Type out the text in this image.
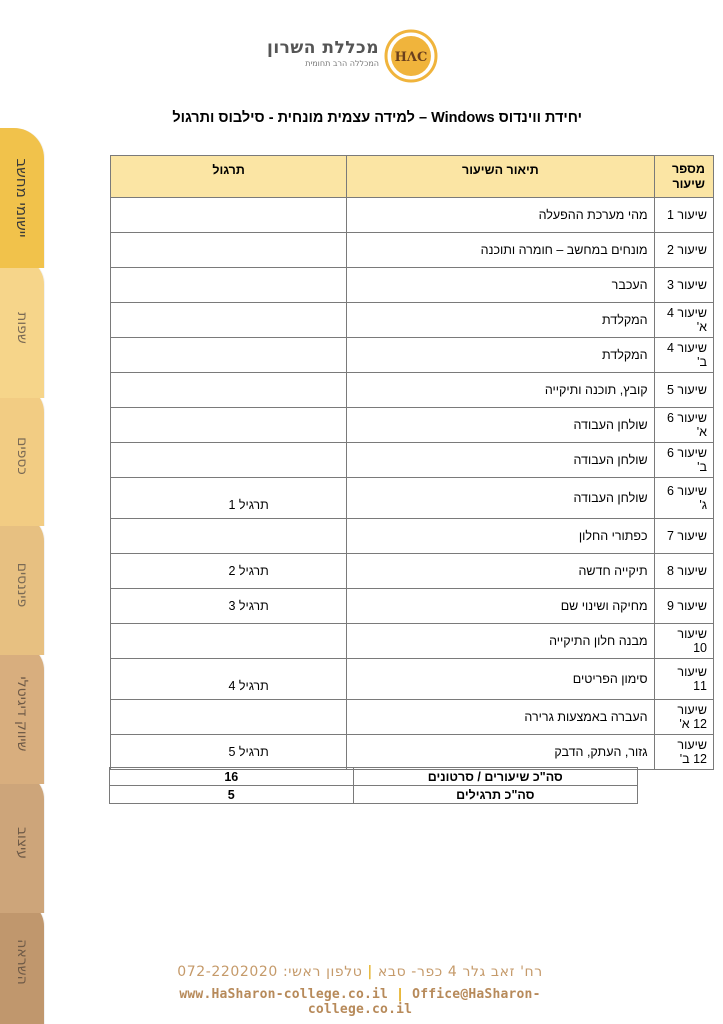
השראה
עיצוב
שיווק דיגיטלי
פיננסים
כספים
שפות
יישומי מחשב
מכללת השרון
המכללה הרב תחומית HΛC
יחידת ווינדוס Windows – למידה עצמית מונחית - סילבוס ותרגול
מספר שיעור	תיאור השיעור	תרגול
שיעור 1	מהי מערכת ההפעלה	
שיעור 2	מונחים במחשב – חומרה ותוכנה	
שיעור 3	העכבר	
שיעור 4 א'	המקלדת	
שיעור 4 ב'	המקלדת	
שיעור 5	קובץ, תוכנה ותיקייה	
שיעור 6 א'	שולחן העבודה	
שיעור 6 ב'	שולחן העבודה	
שיעור 6 ג'	שולחן העבודה	תרגיל 1
שיעור 7	כפתורי החלון	
שיעור 8	תיקייה חדשה	תרגיל 2
שיעור 9	מחיקה ושינוי שם	תרגיל 3
שיעור 10	מבנה חלון התיקייה	
שיעור 11	סימון הפריטים	תרגיל 4
שיעור 12 א'	העברה באמצעות גרירה	
שיעור 12 ב'	גזור, העתק, הדבק	תרגיל 5
סה"כ שיעורים / סרטונים	16
סה"כ תרגילים	5
רח' זאב גלר 4 כפר- סבא | טלפון ראשי: 072-2202020
www.HaSharon-college.co.il | Office@HaSharon-college.co.il
